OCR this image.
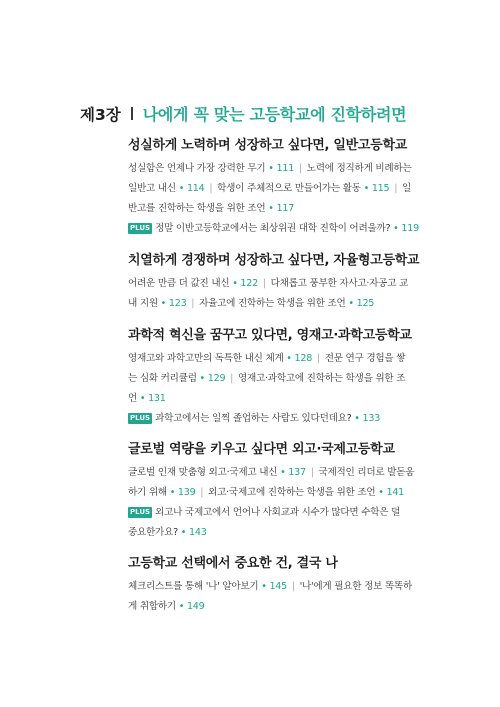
제3장 나에게 꼭 맞는 고등학교에 진학하려면
성실하게 노력하며 성장하고 싶다면, 일반고등학교
성실함은 언제나 가장 강력한 무기 • 111 | 노력에 정직하게 비례하는
일반고 내신 • 114 | 학생이 주체적으로 만들어가는 활동 • 115 | 일
반고를 진학하는 학생을 위한 조언 • 117
PLUS 정말 이반고등학교에서는 최상위권 대학 진학이 어려울까? • 119
치열하게 경쟁하며 성장하고 싶다면, 자율형고등학교
어려운 만큼 더 값진 내신 • 122 | 다채롭고 풍부한 자사고·자공고 교
내 지원 • 123 | 자율고에 진학하는 학생을 위한 조언 • 125
과학적 혁신을 꿈꾸고 있다면, 영재고·과학고등학교
영재고와 과학고만의 독특한 내신 체계 • 128 | 전문 연구 경험을 쌓
는 심화 커리큘럼 • 129 | 영재고·과학고에 진학하는 학생을 위한 조
언 • 131
PLUS 과학고에서는 일찍 졸업하는 사람도 있다던데요? • 133
글로벌 역량을 키우고 싶다면 외고·국제고등학교
글로벌 인재 맞춤형 외고·국제고 내신 • 137 | 국제적인 리더로 발돋움
하기 위해 • 139 | 외고·국제고에 진학하는 학생을 위한 조언 • 141
PLUS 외고나 국제고에서 언어나 사회교과 시수가 많다면 수학은 덜
중요한가요? • 143
고등학교 선택에서 중요한 건, 결국 나
체크리스트를 통해 '나' 알아보기 • 145 | '나'에게 필요한 정보 똑똑하
게 취합하기 • 149
